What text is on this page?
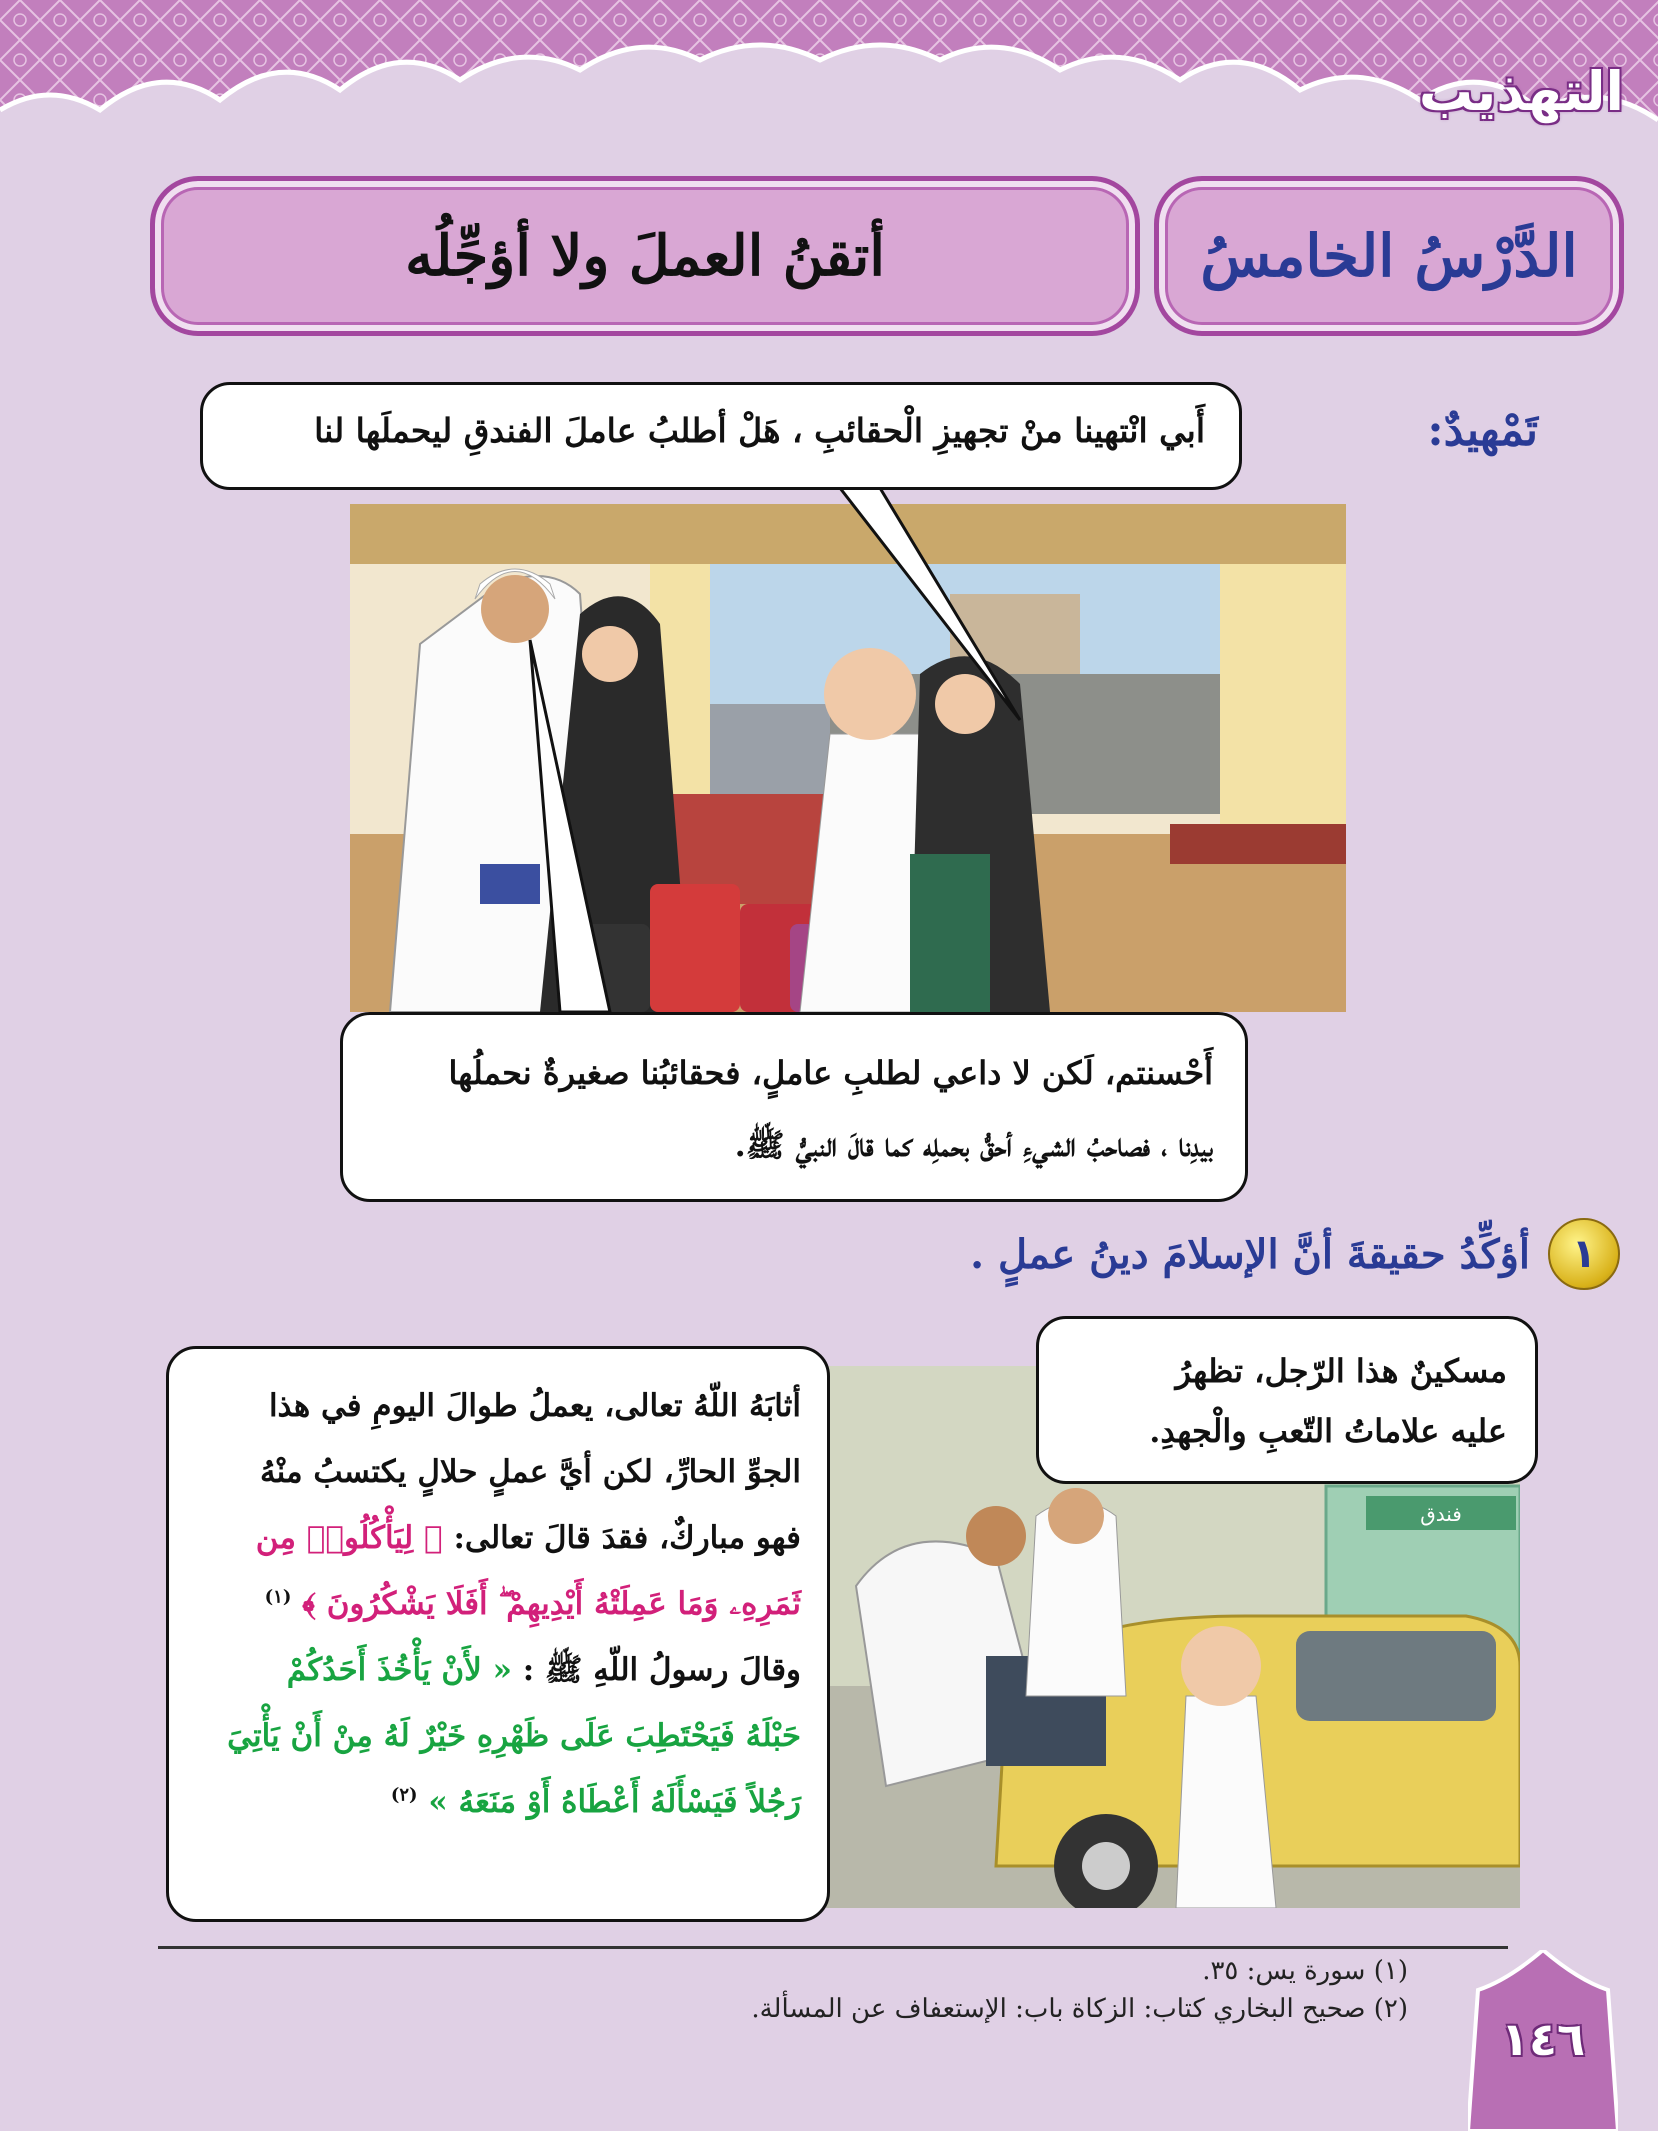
التهذيب
الدَّرْسُ الخامسُ
أتقنُ العملَ ولا أؤجِّلُه
تَمْهيدٌ:
أَبي انْتهينا منْ تجهيزِ الْحقائبِ ، هَلْ أطلبُ عاملَ الفندقِ ليحملَها لنا
أَحْسنتم، لَكن لا داعي لطلبِ عاملٍ، فحقائبُنا صغيرةٌ نحملُها
بيدِنا ، فصاحبُ الشيءِ أحقُّ بحملِه كما قالَ النبيُّ ﷺ.
١
أؤكِّدُ حقيقةَ أنَّ الإسلامَ دينُ عملٍ .
فندق
مسكينٌ هذا الرّجل، تظهرُ
عليه علاماتُ التّعبِ والْجهدِ.
أثابَهُ اللّهُ تعالى، يعملُ طوالَ اليومِ في هذا
الجوِّ الحارِّ، لكن أيَّ عملٍ حلالٍ يكتسبُ منْهُ
فهو مباركٌ، فقدَ قالَ تعالى: ﴿ لِيَأْكُلُوا۟ مِن
ثَمَرِهِۦ وَمَا عَمِلَتْهُ أَيْدِيهِمْ ۖ أَفَلَا يَشْكُرُونَ ﴾ $^{(١)}$
وقالَ رسولُ اللّهِ ﷺ : « لأَنْ يَأْخُذَ أَحَدُكُمْ
حَبْلَهُ فَيَحْتَطِبَ عَلَى ظَهْرِهِ خَيْرٌ لَهُ مِنْ أَنْ يَأْتِيَ
رَجُلاً فَيَسْأَلَهُ أَعْطَاهُ أَوْ مَنَعَهُ » $^{(٢)}$
(١) سورة يس: ٣٥.
(٢) صحيح البخاري كتاب: الزكاة باب: الإستعفاف عن المسألة.
١٤٦
